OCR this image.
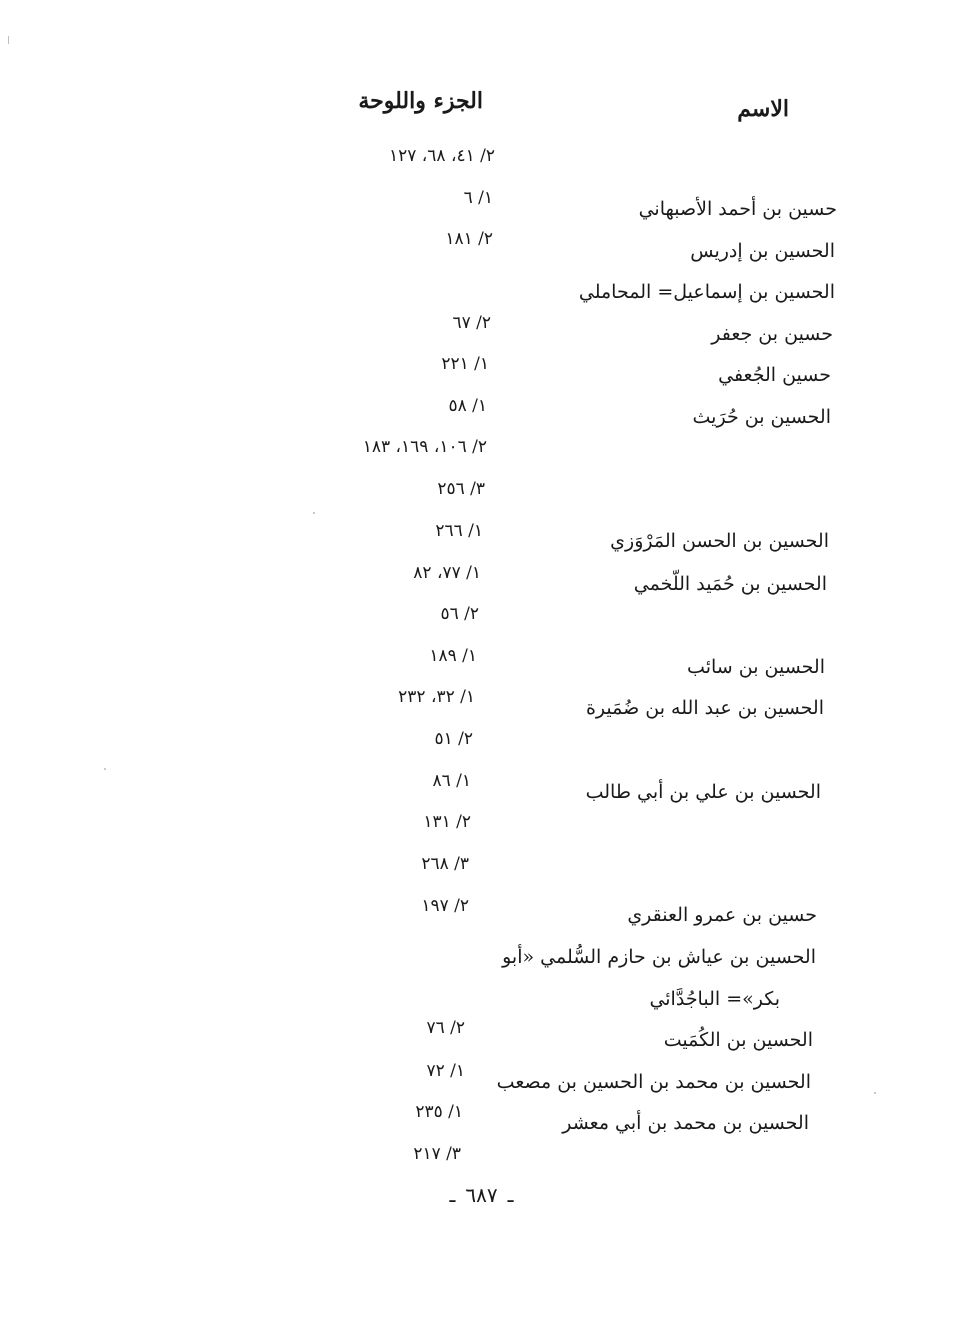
الاسم
الجزء واللوحة
حسين بن أحمد الأصبهاني
الحسين بن إدريس
الحسين بن إسماعيل= المحاملي
حسين بن جعفر
حسين الجُعفي
الحسين بن حُرَيث
الحسين بن الحسن المَرْوَزي
الحسين بن حُمَيد اللّخمي
الحسين بن سائب
الحسين بن عبد الله بن ضُمَيرة
الحسين بن علي بن أبي طالب
حسين بن عمرو العنقري
الحسين بن عياش بن حازم السُّلمي «أبو
بكر»= الباجُدَّائي
الحسين بن الكُمَيت
الحسين بن محمد بن الحسين بن مصعب
الحسين بن محمد بن أبي معشر
٢/ ٤١، ٦٨، ١٢٧
١/ ٦
٢/ ١٨١
٢/ ٦٧
١/ ٢٢١
١/ ٥٨
٢/ ١٠٦، ١٦٩، ١٨٣
٣/ ٢٥٦
١/ ٢٦٦
١/ ٧٧، ٨٢
٢/ ٥٦
١/ ١٨٩
١/ ٣٢، ٢٣٢
٢/ ٥١
١/ ٨٦
٢/ ١٣١
٣/ ٢٦٨
٢/ ١٩٧
٢/ ٧٦
١/ ٧٢
١/ ٢٣٥
٣/ ٢١٧
ـ٦٨٧ـ
